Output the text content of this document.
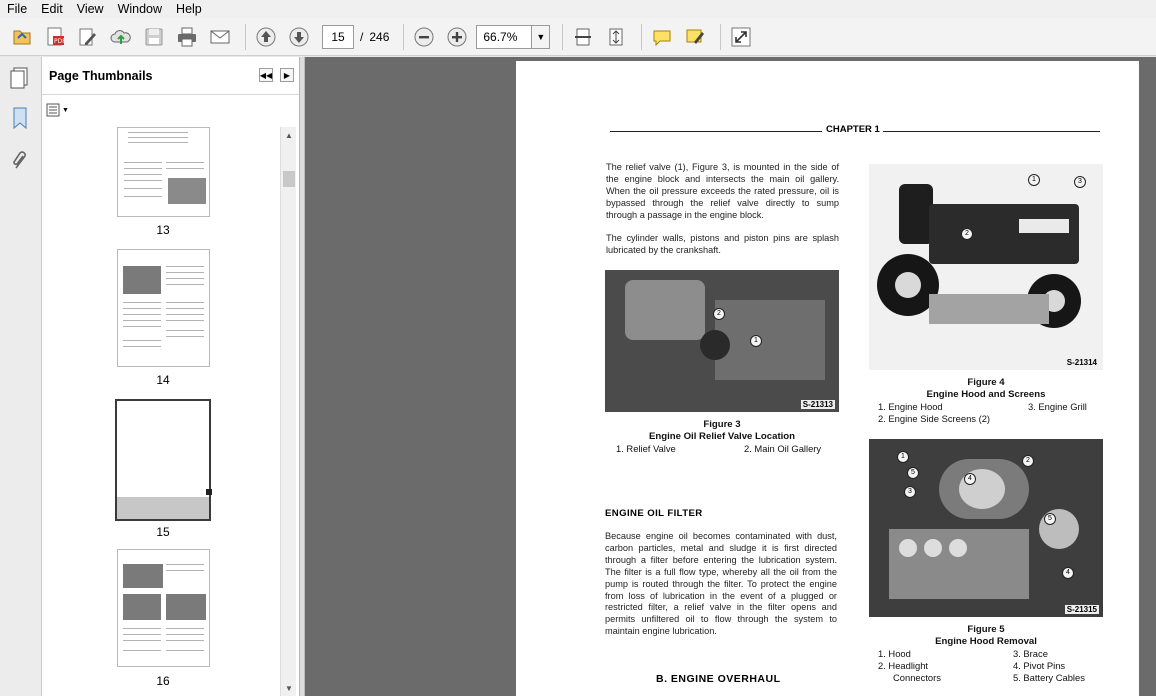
File	Edit	View	Window	Help
PDF	15	/ 246	66.7%	▼
Page Thumbnails	◀◀ ▶
▼
13
14
15
16
▲
▼
CHAPTER 1
The relief valve (1), Figure 3, is mounted in the side of the engine block and intersects the main oil gallery. When the oil pressure exceeds the rated pressure, oil is bypassed through the relief valve directly to sump through a passage in the engine block.
The cylinder walls, pistons and piston pins are splash lubricated by the crankshaft.
2
1
S-21313
Figure 3
Engine Oil Relief Valve Location
1. Relief Valve	2. Main Oil Gallery
ENGINE OIL FILTER
Because engine oil becomes contaminated with dust, carbon particles, metal and sludge it is first directed through a filter before entering the lubrication system. The filter is a full flow type, whereby all the oil from the pump is routed through the filter. To protect the engine from loss of lubrication in the event of a plugged or restricted filter, a relief valve in the filter opens and permits unfiltered oil to flow through the system to maintain engine lubrication.
B. ENGINE OVERHAUL
1	3
2
S-21314
Figure 4
Engine Hood and Screens
1. Engine Hood	3. Engine Grill
2. Engine Side Screens (2)
1
5
3
4
2
5
4
S-21315
Figure 5
Engine Hood Removal
1. Hood	3. Brace
2. Headlight	4. Pivot Pins
Connectors	5. Battery Cables
